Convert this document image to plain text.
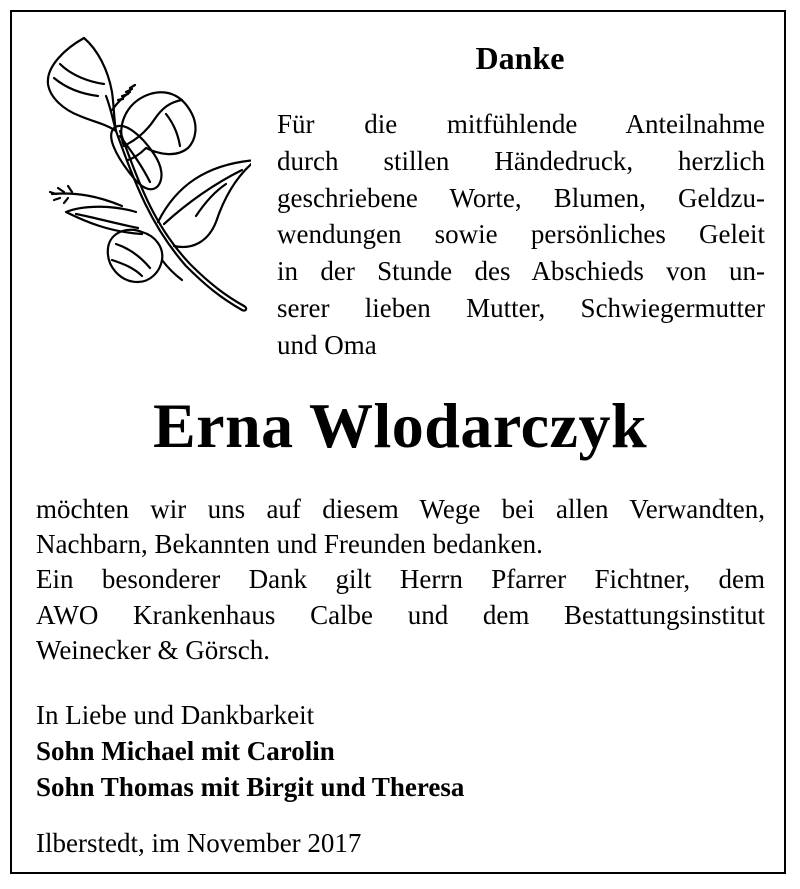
Danke
Für die mitfühlende Anteilnahme
durch stillen Händedruck, herzlich
geschriebene Worte, Blumen, Geldzu-
wendungen sowie persönliches Geleit
in der Stunde des Abschieds von un-
serer lieben Mutter, Schwiegermutter
und Oma
Erna Wlodarczyk
möchten wir uns auf diesem Wege bei allen Verwandten,
Nachbarn, Bekannten und Freunden bedanken.
Ein besonderer Dank gilt Herrn Pfarrer Fichtner, dem
AWO Krankenhaus Calbe und dem Bestattungsinstitut
Weinecker & Görsch.
In Liebe und Dankbarkeit
Sohn Michael mit Carolin
Sohn Thomas mit Birgit und Theresa
Ilberstedt, im November 2017
